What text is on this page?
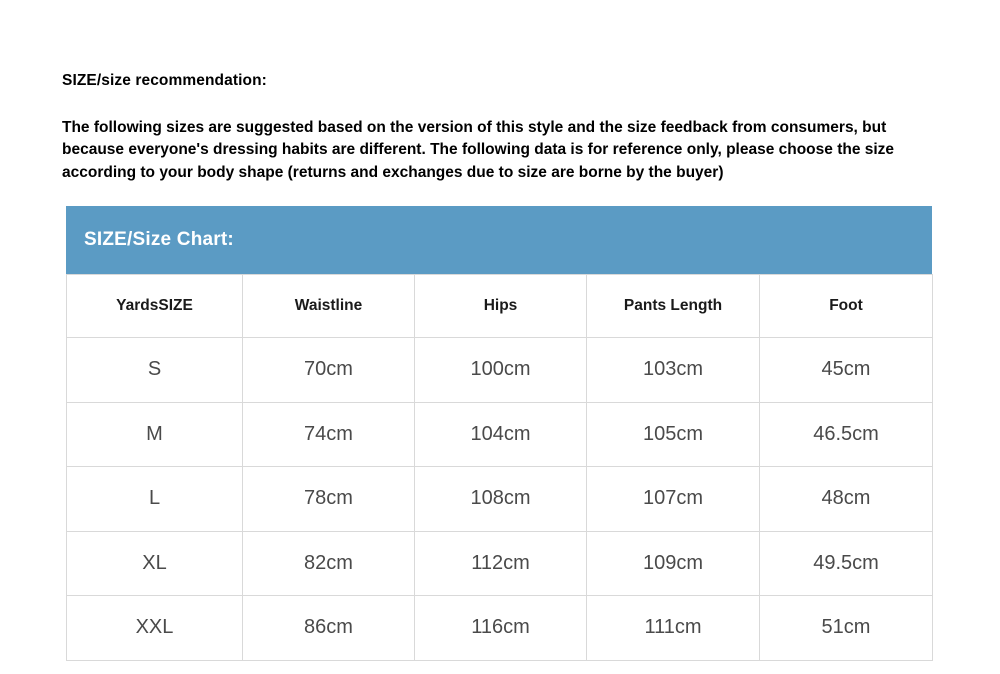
SIZE/size recommendation:
The following sizes are suggested based on the version of this style and the size feedback from consumers, but because everyone's dressing habits are different. The following data is for reference only, please choose the size according to your body shape (returns and exchanges due to size are borne by the buyer)
SIZE/Size Chart:
YardsSIZE	Waistline	Hips	Pants Length	Foot
S	70cm	100cm	103cm	45cm
M	74cm	104cm	105cm	46.5cm
L	78cm	108cm	107cm	48cm
XL	82cm	112cm	109cm	49.5cm
XXL	86cm	116cm	111cm	51cm
